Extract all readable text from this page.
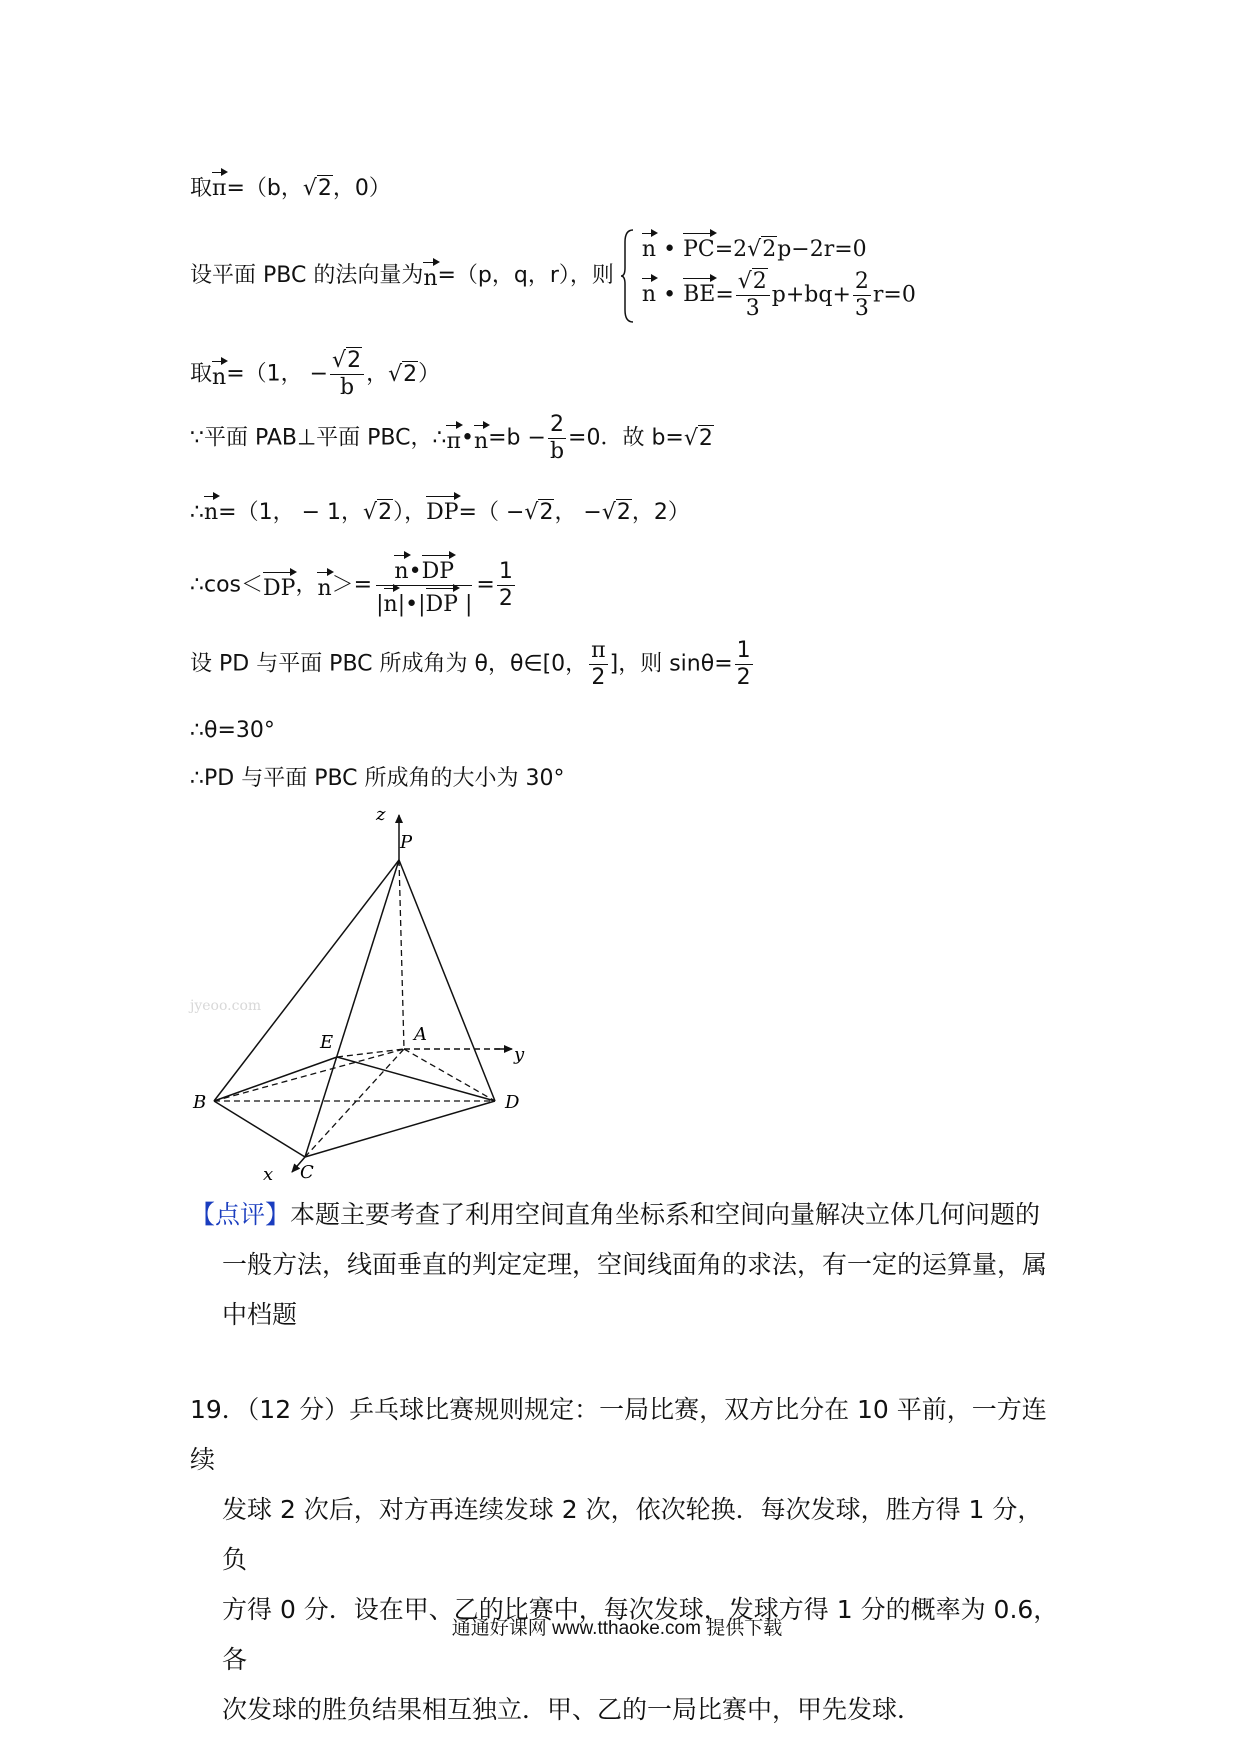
取π=（b，√2，0）
设平面 PBC 的法向量为n=（p，q，r），则
n • PC=2√2p−2r=0
n • $BE= \frac{√2}{3} p+bq+ \frac{2}{3} r=0$
取n=（1， − $\frac{√2}{b}$ ，√2）
∵平面 PAB⊥平面 PBC，∴π•n=b − $\frac{2}{b} =0$．故 b=√2
∴n=（1， − 1，√2），DP=（ −√2， −√2，2）
∴cos＜DP，$n>= \frac{n•DP}{|n|•|DP |} = \frac{1}{2}$
设 PD 与平面 PBC 所成角为 θ，θ∈[0， $\frac{\pi}{2}$ ]，则 $\sin\theta= \frac{1}{2}$
∴θ=30°
∴PD 与平面 PBC 所成角的大小为 30°
jyeoo.com
z
P
E	A
y
B	D
x C
【点评】本题主要考查了利用空间直角坐标系和空间向量解决立体几何问题的
一般方法，线面垂直的判定定理，空间线面角的求法，有一定的运算量，属
中档题
19．（12 分）乒乓球比赛规则规定：一局比赛，双方比分在 10 平前，一方连续
发球 2 次后，对方再连续发球 2 次，依次轮换．每次发球，胜方得 1 分，负
方得 0 分．设在甲、乙的比赛中，每次发球，发球方得 1 分的概率为 0.6，各
次发球的胜负结果相互独立．甲、乙的一局比赛中，甲先发球．
通通好课网 www.tthaoke.com 提供下载
